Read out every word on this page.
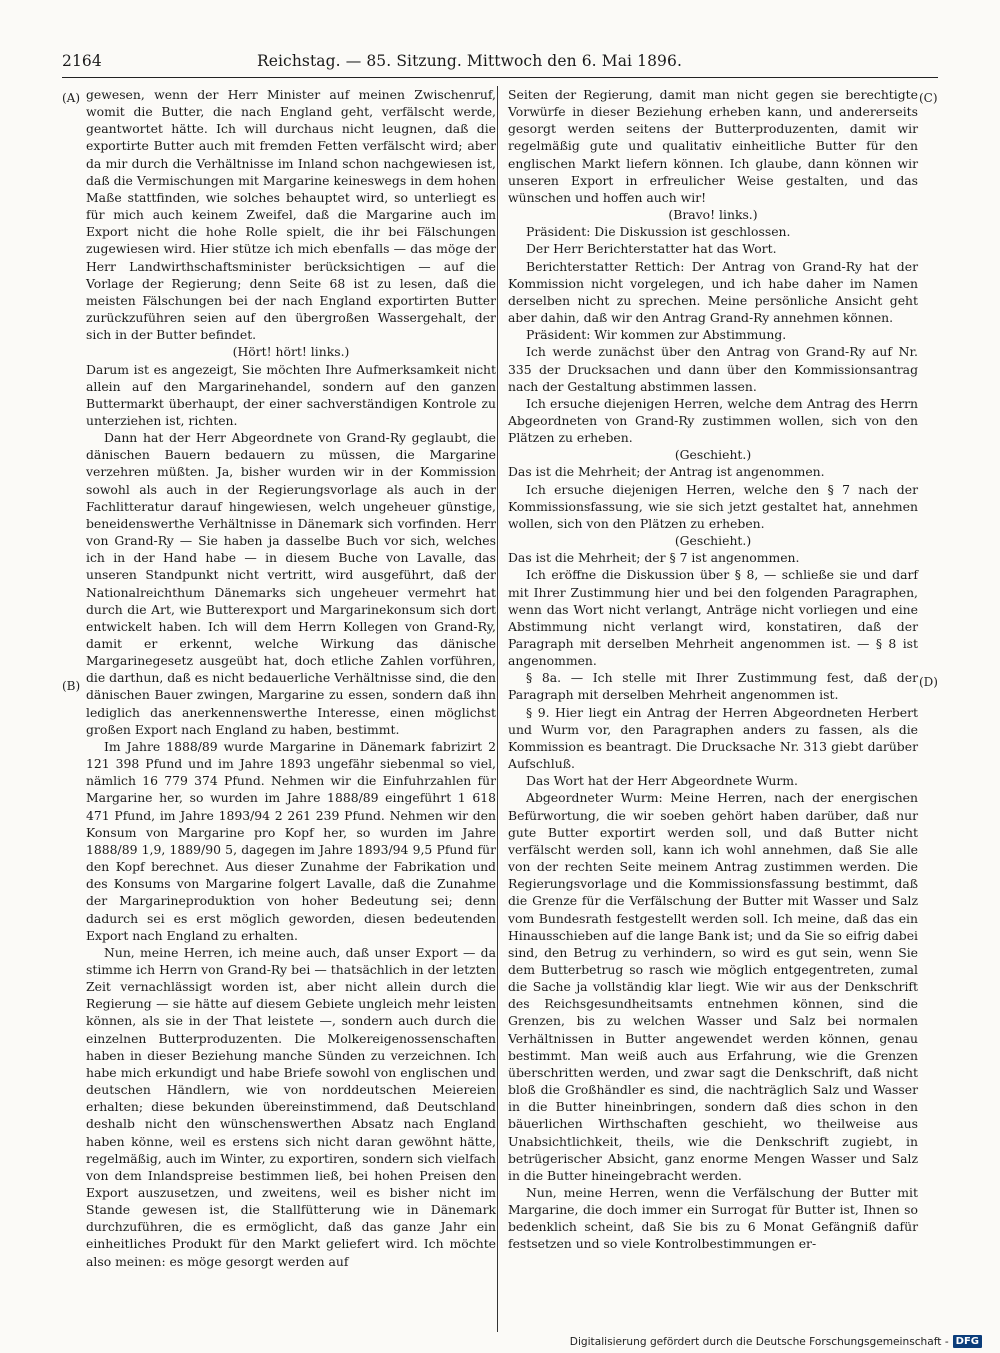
2164	Reichstag. — 85. Sitzung. Mittwoch den 6. Mai 1896.
(A)
(B)
(C)
(D)

gewesen, wenn der Herr Minister auf meinen Zwischenruf, womit die Butter, die nach England geht, verfälscht werde, geantwortet hätte. Ich will durchaus nicht leugnen, daß die exportirte Butter auch mit fremden Fetten verfälscht wird; aber da mir durch die Verhältnisse im Inland schon nachgewiesen ist, daß die Vermischungen mit Margarine keineswegs in dem hohen Maße stattfinden, wie solches behauptet wird, so unterliegt es für mich auch keinem Zweifel, daß die Margarine auch im Export nicht die hohe Rolle spielt, die ihr bei Fälschungen zugewiesen wird. Hier stütze ich mich ebenfalls — das möge der Herr Landwirthschaftsminister berücksichtigen — auf die Vorlage der Regierung; denn Seite 68 ist zu lesen, daß die meisten Fälschungen bei der nach England exportirten Butter zurückzuführen seien auf den übergroßen Wassergehalt, der sich in der Butter befindet.

(Hört! hört! links.)

Darum ist es angezeigt, Sie möchten Ihre Aufmerksamkeit nicht allein auf den Margarinehandel, sondern auf den ganzen Buttermarkt überhaupt, der einer sachverständigen Kontrole zu unterziehen ist, richten.

Dann hat der Herr Abgeordnete von Grand-Ry geglaubt, die dänischen Bauern bedauern zu müssen, die Margarine verzehren müßten. Ja, bisher wurden wir in der Kommission sowohl als auch in der Regierungsvorlage als auch in der Fachlitteratur darauf hingewiesen, welch ungeheuer günstige, beneidenswerthe Verhältnisse in Dänemark sich vorfinden. Herr von Grand-Ry — Sie haben ja dasselbe Buch vor sich, welches ich in der Hand habe — in diesem Buche von Lavalle, das unseren Standpunkt nicht vertritt, wird ausgeführt, daß der Nationalreichthum Dänemarks sich ungeheuer vermehrt hat durch die Art, wie Butterexport und Margarinekonsum sich dort entwickelt haben. Ich will dem Herrn Kollegen von Grand-Ry, damit er erkennt, welche Wirkung das dänische Margarinegesetz ausgeübt hat, doch etliche Zahlen vorführen, die darthun, daß es nicht bedauerliche Verhältnisse sind, die den dänischen Bauer zwingen, Margarine zu essen, sondern daß ihn lediglich das anerkennenswerthe Interesse, einen möglichst großen Export nach England zu haben, bestimmt.

Im Jahre 1888/89 wurde Margarine in Dänemark fabrizirt 2 121 398 Pfund und im Jahre 1893 ungefähr siebenmal so viel, nämlich 16 779 374 Pfund. Nehmen wir die Einfuhrzahlen für Margarine her, so wurden im Jahre 1888/89 eingeführt 1 618 471 Pfund, im Jahre 1893/94 2 261 239 Pfund. Nehmen wir den Konsum von Margarine pro Kopf her, so wurden im Jahre 1888/89 1,9, 1889/90 5, dagegen im Jahre 1893/94 9,5 Pfund für den Kopf berechnet. Aus dieser Zunahme der Fabrikation und des Konsums von Margarine folgert Lavalle, daß die Zunahme der Margarineproduktion von hoher Bedeutung sei; denn dadurch sei es erst möglich geworden, diesen bedeutenden Export nach England zu erhalten.

Nun, meine Herren, ich meine auch, daß unser Export — da stimme ich Herrn von Grand-Ry bei — thatsächlich in der letzten Zeit vernachlässigt worden ist, aber nicht allein durch die Regierung — sie hätte auf diesem Gebiete ungleich mehr leisten können, als sie in der That leistete —, sondern auch durch die einzelnen Butterproduzenten. Die Molkereigenossenschaften haben in dieser Beziehung manche Sünden zu verzeichnen. Ich habe mich erkundigt und habe Briefe sowohl von englischen und deutschen Händlern, wie von norddeutschen Meiereien erhalten; diese bekunden übereinstimmend, daß Deutschland deshalb nicht den wünschenswerthen Absatz nach England haben könne, weil es erstens sich nicht daran gewöhnt hätte, regelmäßig, auch im Winter, zu exportiren, sondern sich vielfach von dem Inlandspreise bestimmen ließ, bei hohen Preisen den Export auszusetzen, und zweitens, weil es bisher nicht im Stande gewesen ist, die Stallfütterung wie in Dänemark durchzuführen, die es ermöglicht, daß das ganze Jahr ein einheitliches Produkt für den Markt geliefert wird. Ich möchte also meinen: es möge gesorgt werden auf

Seiten der Regierung, damit man nicht gegen sie berechtigte Vorwürfe in dieser Beziehung erheben kann, und andererseits gesorgt werden seitens der Butterproduzenten, damit wir regelmäßig gute und qualitativ einheitliche Butter für den englischen Markt liefern können. Ich glaube, dann können wir unseren Export in erfreulicher Weise gestalten, und das wünschen und hoffen auch wir!

(Bravo! links.)

Präsident: Die Diskussion ist geschlossen.

Der Herr Berichterstatter hat das Wort.

Berichterstatter Rettich: Der Antrag von Grand-Ry hat der Kommission nicht vorgelegen, und ich habe daher im Namen derselben nicht zu sprechen. Meine persönliche Ansicht geht aber dahin, daß wir den Antrag Grand-Ry annehmen können.

Präsident: Wir kommen zur Abstimmung.

Ich werde zunächst über den Antrag von Grand-Ry auf Nr. 335 der Drucksachen und dann über den Kommissionsantrag nach der Gestaltung abstimmen lassen.

Ich ersuche diejenigen Herren, welche dem Antrag des Herrn Abgeordneten von Grand-Ry zustimmen wollen, sich von den Plätzen zu erheben.

(Geschieht.)

Das ist die Mehrheit; der Antrag ist angenommen.

Ich ersuche diejenigen Herren, welche den § 7 nach der Kommissionsfassung, wie sie sich jetzt gestaltet hat, annehmen wollen, sich von den Plätzen zu erheben.

(Geschieht.)

Das ist die Mehrheit; der § 7 ist angenommen.

Ich eröffne die Diskussion über § 8, — schließe sie und darf mit Ihrer Zustimmung hier und bei den folgenden Paragraphen, wenn das Wort nicht verlangt, Anträge nicht vorliegen und eine Abstimmung nicht verlangt wird, konstatiren, daß der Paragraph mit derselben Mehrheit angenommen ist. — § 8 ist angenommen.

§ 8a. — Ich stelle mit Ihrer Zustimmung fest, daß der Paragraph mit derselben Mehrheit angenommen ist.

§ 9. Hier liegt ein Antrag der Herren Abgeordneten Herbert und Wurm vor, den Paragraphen anders zu fassen, als die Kommission es beantragt. Die Drucksache Nr. 313 giebt darüber Aufschluß.

Das Wort hat der Herr Abgeordnete Wurm.

Abgeordneter Wurm: Meine Herren, nach der energischen Befürwortung, die wir soeben gehört haben darüber, daß nur gute Butter exportirt werden soll, und daß Butter nicht verfälscht werden soll, kann ich wohl annehmen, daß Sie alle von der rechten Seite meinem Antrag zustimmen werden. Die Regierungsvorlage und die Kommissionsfassung bestimmt, daß die Grenze für die Verfälschung der Butter mit Wasser und Salz vom Bundesrath festgestellt werden soll. Ich meine, daß das ein Hinausschieben auf die lange Bank ist; und da Sie so eifrig dabei sind, den Betrug zu verhindern, so wird es gut sein, wenn Sie dem Butterbetrug so rasch wie möglich entgegentreten, zumal die Sache ja vollständig klar liegt. Wie wir aus der Denkschrift des Reichsgesundheitsamts entnehmen können, sind die Grenzen, bis zu welchen Wasser und Salz bei normalen Verhältnissen in Butter angewendet werden können, genau bestimmt. Man weiß auch aus Erfahrung, wie die Grenzen überschritten werden, und zwar sagt die Denkschrift, daß nicht bloß die Großhändler es sind, die nachträglich Salz und Wasser in die Butter hineinbringen, sondern daß dies schon in den bäuerlichen Wirthschaften geschieht, wo theilweise aus Unabsichtlichkeit, theils, wie die Denkschrift zugiebt, in betrügerischer Absicht, ganz enorme Mengen Wasser und Salz in die Butter hineingebracht werden.

Nun, meine Herren, wenn die Verfälschung der Butter mit Margarine, die doch immer ein Surrogat für Butter ist, Ihnen so bedenklich scheint, daß Sie bis zu 6 Monat Gefängniß dafür festsetzen und so viele Kontrolbestimmungen er-

Digitalisierung gefördert durch die Deutsche Forschungsgemeinschaft - DFG
